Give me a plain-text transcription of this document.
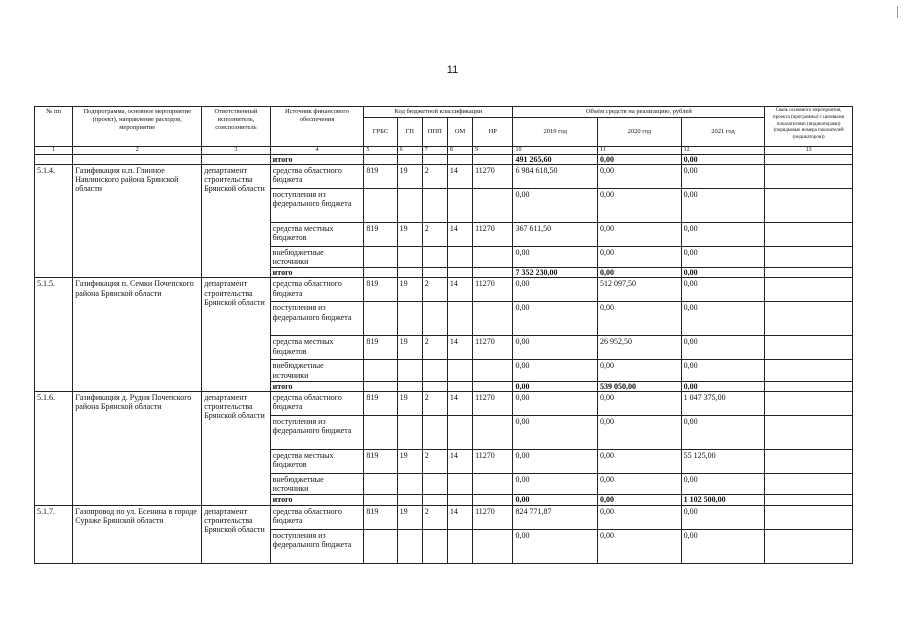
11
№ пп	Подпрограмма, основное мероприятие (проект), направление расходов, мероприятие	Ответственный исполнитель, соисполнитель	Источник финансового обеспечения	Код бюджетной классификации					Объём средств на реализацию, рублей			Связь основного мероприятия, проекта (программы) с целевыми показателями (индикаторами) (порядковые номера показателей (индикаторов))
				ГРБС	ГП	ППП	ОМ	НР	2019 год	2020 год	2021 год	
1	2	3	4	5	6	7	8	9	10	11	12	13
			итого						491 265,60	0,00	0,00	
5.1.4.	Газификация н.п. Глинное Навлинского района Брянской области	департамент строительства Брянской области	средства областного бюджета	819	19	2	14	11270	6 984 618,50	0,00	0,00	
			поступления из федерального бюджета						0,00	0,00	0,00	
			средства местных бюджетов	819	19	2	14	11270	367 611,50	0,00	0,00	
			внебюджетные источники						0,00	0,00	0,00	
			итого						7 352 230,00	0,00	0,00	
5.1.5.	Газификация п. Семки Почепского района Брянской области	департамент строительства Брянской области	средства областного бюджета	819	19	2	14	11270	0,00	512 097,50	0,00	
			поступления из федерального бюджета						0,00	0,00	0,00	
			средства местных бюджетов	819	19	2	14	11270	0,00	26 952,50	0,00	
			внебюджетные источники						0,00	0,00	0,00	
			итого						0,00	539 050,00	0,00	
5.1.6.	Газификация д. Рудня Почепского района Брянской области	департамент строительства Брянской области	средства областного бюджета	819	19	2	14	11270	0,00	0,00	1 047 375,00	
			поступления из федерального бюджета						0,00	0,00	0,00	
			средства местных бюджетов	819	19	2	14	11270	0,00	0,00	55 125,00	
			внебюджетные источники						0,00	0,00	0,00	
			итого						0,00	0,00	1 102 500,00	
5.1.7.	Газопровод по ул. Есенина в городе Сураже Брянской области	департамент строительства Брянской области	средства областного бюджета	819	19	2	14	11270	824 771,87	0,00	0,00	
			поступления из федерального бюджета						0,00	0,00	0,00	
